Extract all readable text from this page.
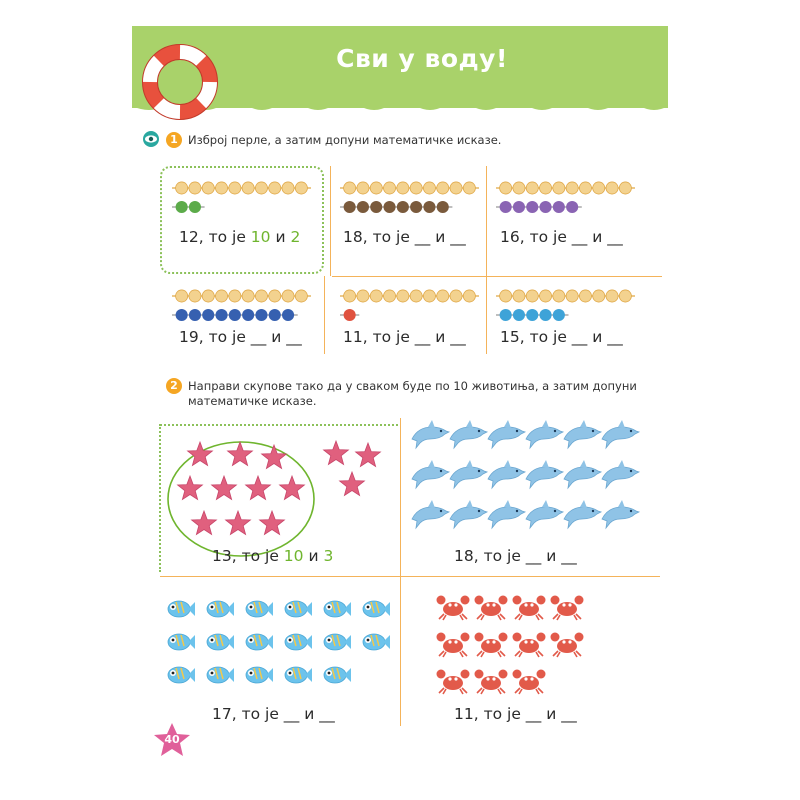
Сви у воду!
1 Изброј перле, а затим допуни математичке исказе.
12, то је 10 и 2	18, то је __ и __ 16, то је __ и __
19, то је __ и __	11, то је __ и __ 15, то је __ и __
2 Направи скупове тако да у сваком буде по 10 животиња, а затим допуни
математичке исказе.
13, то је 10 и 3	18, то је __ и __
17, то је __ и __	11, то је __ и __
40
